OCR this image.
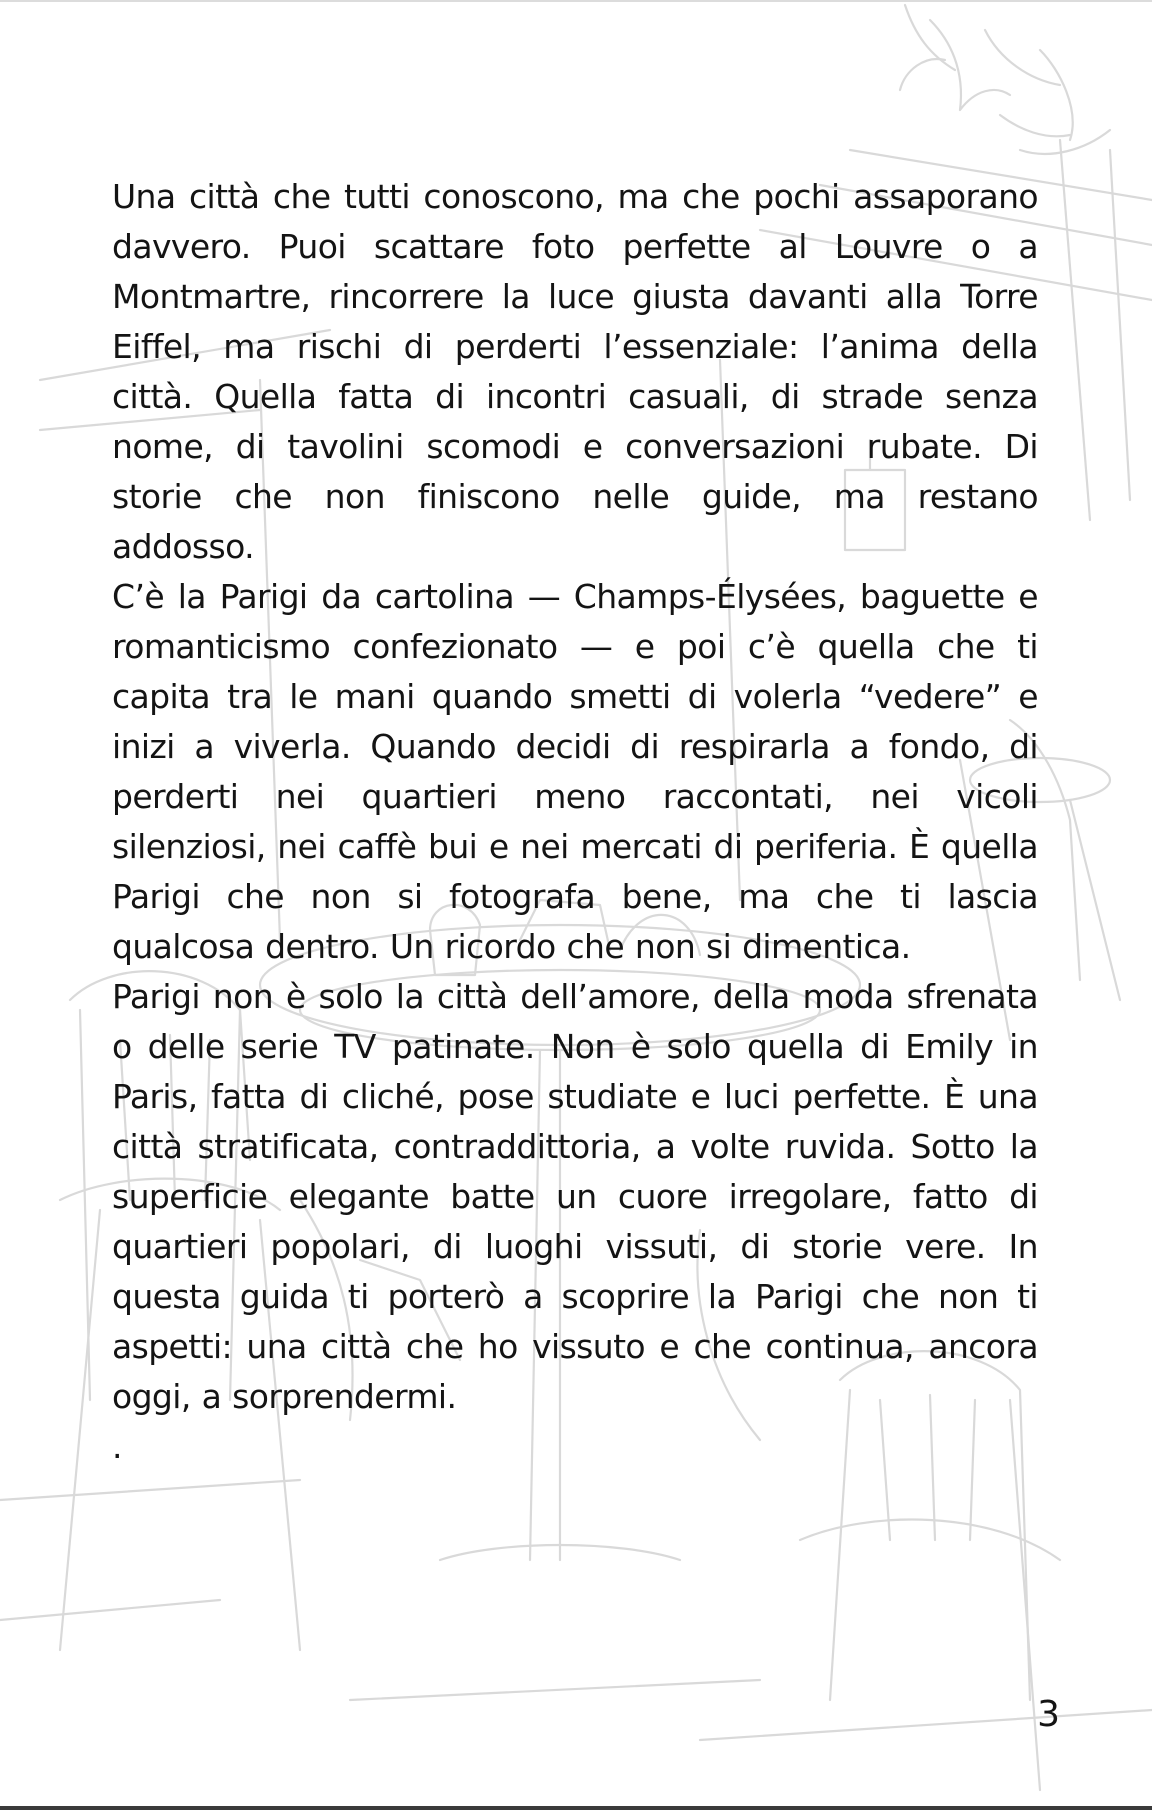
Una città che tutti conoscono, ma che pochi assaporano davvero. Puoi scattare foto perfette al Louvre o a Montmartre, rincorrere la luce giusta davanti alla Torre Eiffel, ma rischi di perderti l’essenziale: l’anima della città. Quella fatta di incontri casuali, di strade senza nome, di tavolini scomodi e conversazioni rubate. Di storie che non finiscono nelle guide, ma restano addosso.

C’è la Parigi da cartolina — Champs-Élysées, baguette e romanticismo confezionato — e poi c’è quella che ti capita tra le mani quando smetti di volerla “vedere” e inizi a viverla. Quando decidi di respirarla a fondo, di perderti nei quartieri meno raccontati, nei vicoli silenziosi, nei caffè bui e nei mercati di periferia. È quella Parigi che non si fotografa bene, ma che ti lascia qualcosa dentro. Un ricordo che non si dimentica.

Parigi non è solo la città dell’amore, della moda sfrenata o delle serie TV patinate. Non è solo quella di Emily in Paris, fatta di cliché, pose studiate e luci perfette. È una città stratificata, contraddittoria, a volte ruvida. Sotto la superficie elegante batte un cuore irregolare, fatto di quartieri popolari, di luoghi vissuti, di storie vere. In questa guida ti porterò a scoprire la Parigi che non ti aspetti: una città che ho vissuto e che continua, ancora oggi, a sorprendermi.

.
3
